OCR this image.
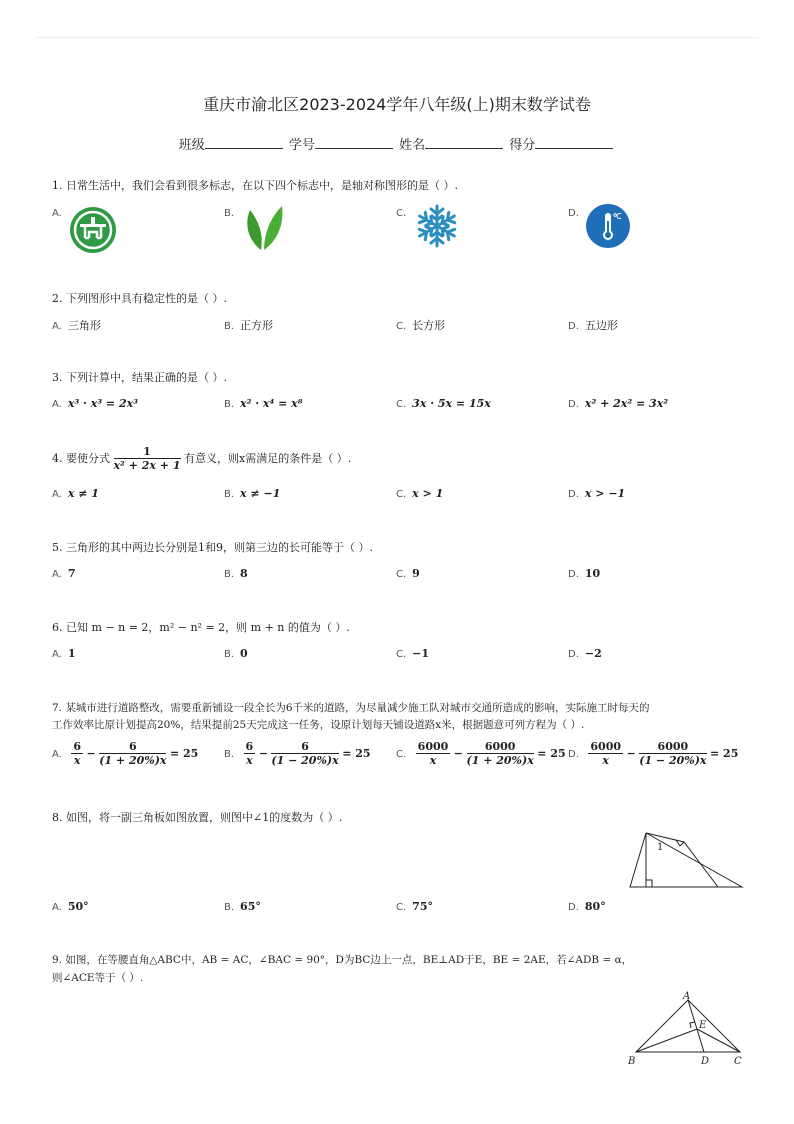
重庆市渝北区2023-2024学年八年级(上)期末数学试卷
班级	学号	姓名	得分
1. 日常生活中，我们会看到很多标志，在以下四个标志中，是轴对称图形的是（ ）.
A.	B.	C.	D.
2. 下列图形中具有稳定性的是（ ）.
A. 三角形	B. 正方形	C. 长方形	D. 五边形
3. 下列计算中，结果正确的是（ ）.
A. x³ · x³ = 2x³	B. x² · x⁴ = x⁸	C. 3x · 5x = 15x	D. x² + 2x² = 3x²
4. 要使分式 $\frac{1}{\text{x² + 2x + 1}}$ 有意义，则x需满足的条件是（ ）.
A. x ≠ 1	B. x ≠ −1	C. x > 1	D. x > −1
5. 三角形的其中两边长分别是1和9，则第三边的长可能等于（ ）.
A. 7	B. 8	C. 9	D. 10
6. 已知 m − n = 2，m² − n² = 2，则 m + n 的值为（ ）.
A. 1	B. 0	C. −1	D. −2
7. 某城市进行道路整改，需要重新铺设一段全长为6千米的道路，为尽量减少施工队对城市交通所造成的影响，实际施工时每天的
工作效率比原计划提高20%，结果提前25天完成这一任务，设原计划每天铺设道路x米，根据题意可列方程为（ ）.
A. $\frac{6}{x} - \frac{6}{(1 + 20\%)x} = 25$	B. $\frac{6}{x} - \frac{6}{(1 - 20\%)x} = 25$	C. $\frac{6000}{x} - \frac{6000}{(1 + 20\%)x} = 25$ D. $\frac{6000}{x} - \frac{6000}{(1 - 20\%)x} = 25$
8. 如图，将一副三角板如图放置，则图中∠1的度数为（ ）.
1
A. 50°	B. 65°	C. 75°	D. 80°
9. 如图，在等腰直角△ABC中，AB = AC，∠BAC = 90°，D为BC边上一点，BE⊥AD于E，BE = 2AE，若∠ADB = α，
则∠ACE等于（ ）.
A
B	D C
E
